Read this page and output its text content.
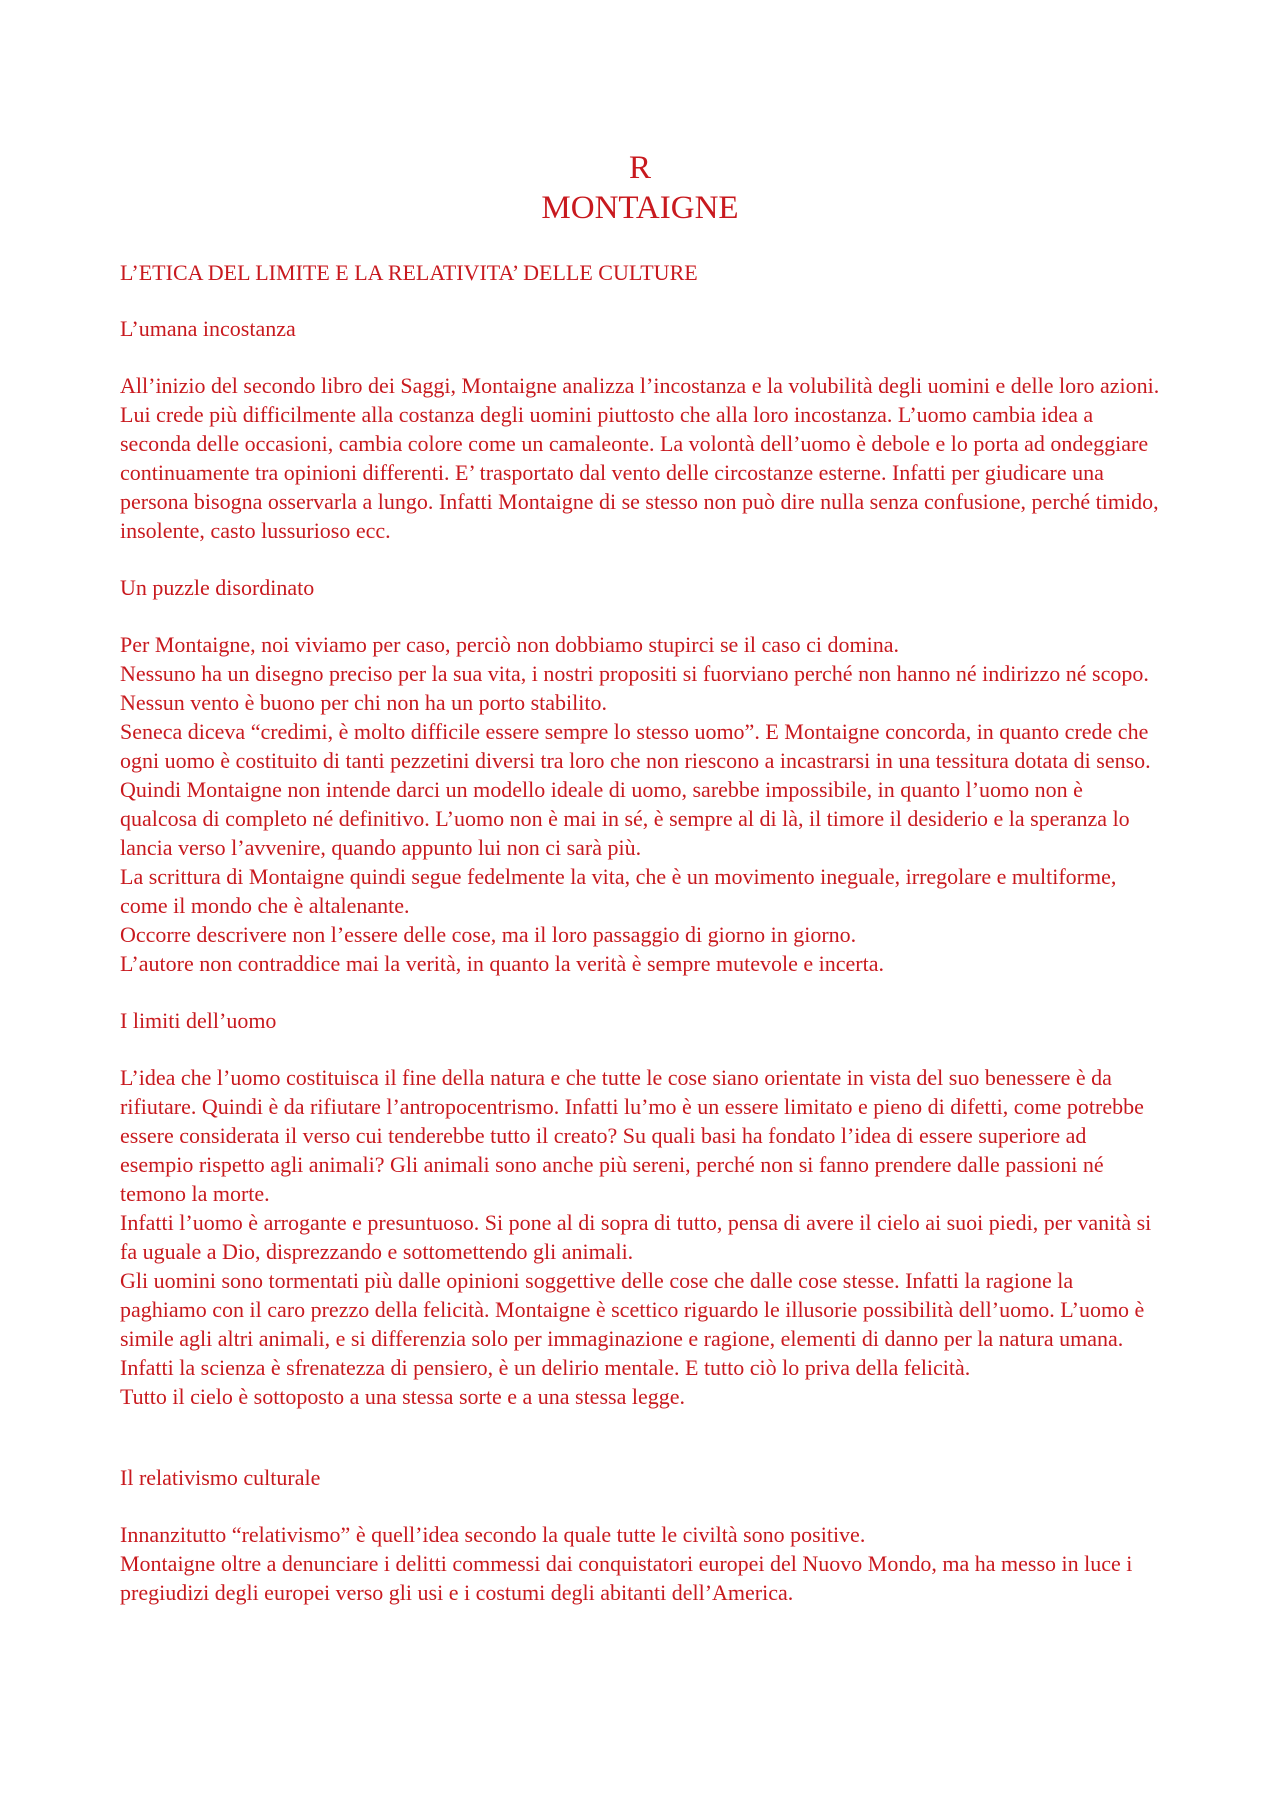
R
MONTAIGNE
L’ETICA DEL LIMITE E LA RELATIVITA’ DELLE CULTURE
L’umana incostanza

All’inizio del secondo libro dei Saggi, Montaigne analizza l’incostanza e la volubilità degli uomini e delle loro azioni. Lui crede più difficilmente alla costanza degli uomini piuttosto che alla loro incostanza. L’uomo cambia idea a seconda delle occasioni, cambia colore come un camaleonte. La volontà dell’uomo è debole e lo porta ad ondeggiare continuamente tra opinioni differenti. E’ trasportato dal vento delle circostanze esterne. Infatti per giudicare una persona bisogna osservarla a lungo. Infatti Montaigne di se stesso non può dire nulla senza confusione, perché timido, insolente, casto lussurioso ecc.

Un puzzle disordinato

Per Montaigne, noi viviamo per caso, perciò non dobbiamo stupirci se il caso ci domina.

Nessuno ha un disegno preciso per la sua vita, i nostri propositi si fuorviano perché non hanno né indirizzo né scopo. Nessun vento è buono per chi non ha un porto stabilito.

Seneca diceva “credimi, è molto difficile essere sempre lo stesso uomo”. E Montaigne concorda, in quanto crede che ogni uomo è costituito di tanti pezzetini diversi tra loro che non riescono a incastrarsi in una tessitura dotata di senso. Quindi Montaigne non intende darci un modello ideale di uomo, sarebbe impossibile, in quanto l’uomo non è qualcosa di completo né definitivo. L’uomo non è mai in sé, è sempre al di là, il timore il desiderio e la speranza lo lancia verso l’avvenire, quando appunto lui non ci sarà più.

La scrittura di Montaigne quindi segue fedelmente la vita, che è un movimento ineguale, irregolare e multiforme, come il mondo che è altalenante.

Occorre descrivere non l’essere delle cose, ma il loro passaggio di giorno in giorno.

L’autore non contraddice mai la verità, in quanto la verità è sempre mutevole e incerta.

I limiti dell’uomo

L’idea che l’uomo costituisca il fine della natura e che tutte le cose siano orientate in vista del suo benessere è da rifiutare. Quindi è da rifiutare l’antropocentrismo. Infatti lu’mo è un essere limitato e pieno di difetti, come potrebbe essere considerata il verso cui tenderebbe tutto il creato? Su quali basi ha fondato l’idea di essere superiore ad esempio rispetto agli animali? Gli animali sono anche più sereni, perché non si fanno prendere dalle passioni né temono la morte.

Infatti l’uomo è arrogante e presuntuoso. Si pone al di sopra di tutto, pensa di avere il cielo ai suoi piedi, per vanità si fa uguale a Dio, disprezzando e sottomettendo gli animali.

Gli uomini sono tormentati più dalle opinioni soggettive delle cose che dalle cose stesse. Infatti la ragione la paghiamo con il caro prezzo della felicità. Montaigne è scettico riguardo le illusorie possibilità dell’uomo. L’uomo è simile agli altri animali, e si differenzia solo per immaginazione e ragione, elementi di danno per la natura umana. Infatti la scienza è sfrenatezza di pensiero, è un delirio mentale. E tutto ciò lo priva della felicità.

Tutto il cielo è sottoposto a una stessa sorte e a una stessa legge.

Il relativismo culturale

Innanzitutto “relativismo” è quell’idea secondo la quale tutte le civiltà sono positive.

Montaigne oltre a denunciare i delitti commessi dai conquistatori europei del Nuovo Mondo, ma ha messo in luce i pregiudizi degli europei verso gli usi e i costumi degli abitanti dell’America.
